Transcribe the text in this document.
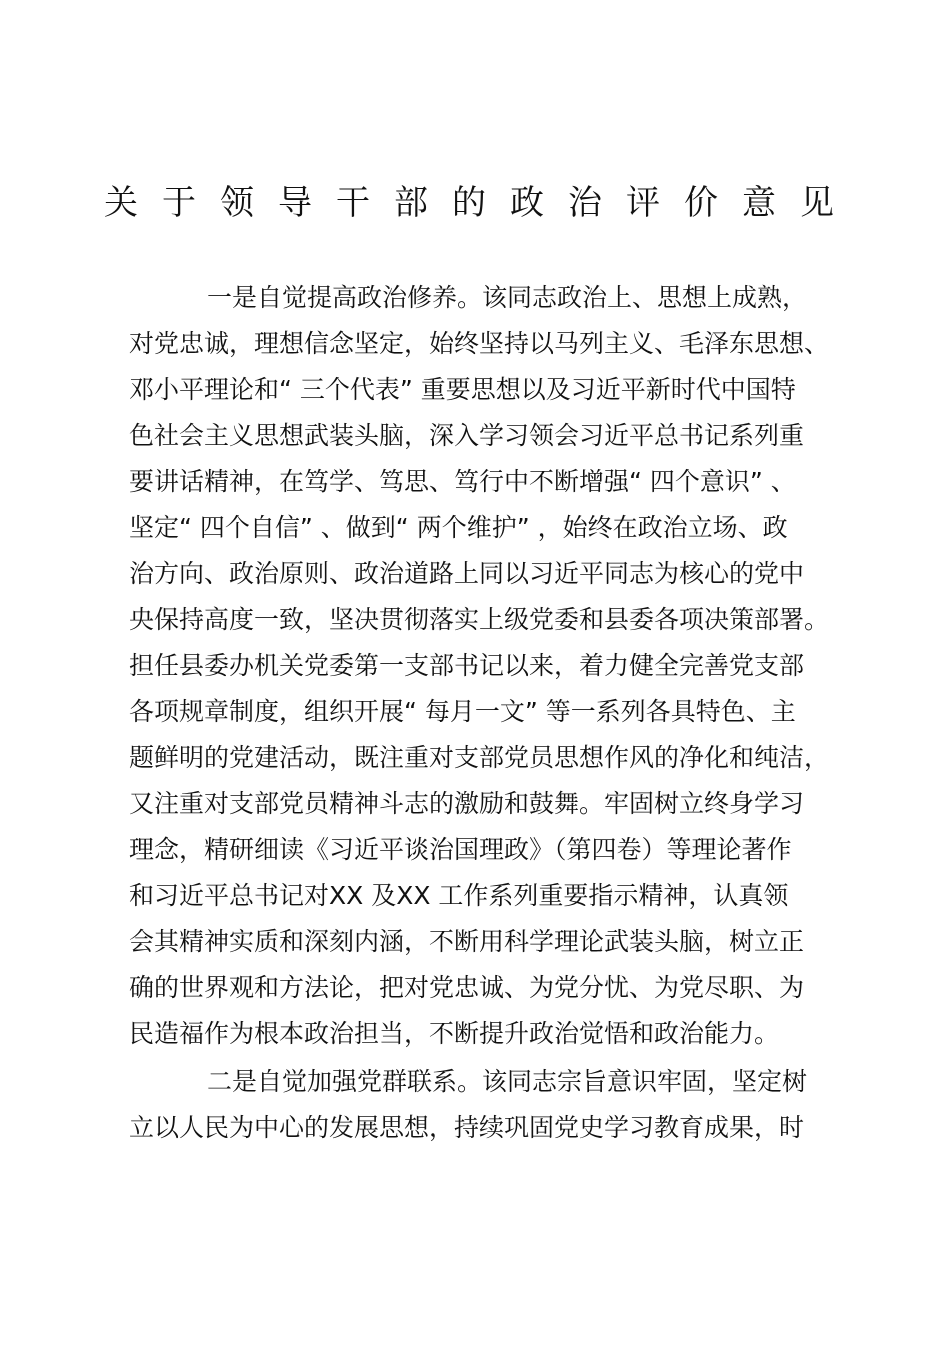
关于领导干部的政治评价意见
一是自觉提高政治修养。该同志政治上、思想上成熟，
对党忠诚，理想信念坚定，始终坚持以马列主义、毛泽东思想、
邓小平理论和“ 三个代表” 重要思想以及习近平新时代中国特
色社会主义思想武装头脑，深入学习领会习近平总书记系列重
要讲话精神，在笃学、笃思、笃行中不断增强“ 四个意识” 、
坚定“ 四个自信” 、做到“ 两个维护” ，始终在政治立场、政
治方向、政治原则、政治道路上同以习近平同志为核心的党中
央保持高度一致，坚决贯彻落实上级党委和县委各项决策部署。
担任县委办机关党委第一支部书记以来，着力健全完善党支部
各项规章制度，组织开展“ 每月一文” 等一系列各具特色、主
题鲜明的党建活动，既注重对支部党员思想作风的净化和纯洁，
又注重对支部党员精神斗志的激励和鼓舞。牢固树立终身学习
理念，精研细读《习近平谈治国理政》（第四卷）等理论著作
和习近平总书记对XX 及XX 工作系列重要指示精神，认真领
会其精神实质和深刻内涵，不断用科学理论武装头脑，树立正
确的世界观和方法论，把对党忠诚、为党分忧、为党尽职、为
民造福作为根本政治担当，不断提升政治觉悟和政治能力。
二是自觉加强党群联系。该同志宗旨意识牢固，坚定树
立以人民为中心的发展思想，持续巩固党史学习教育成果，时
